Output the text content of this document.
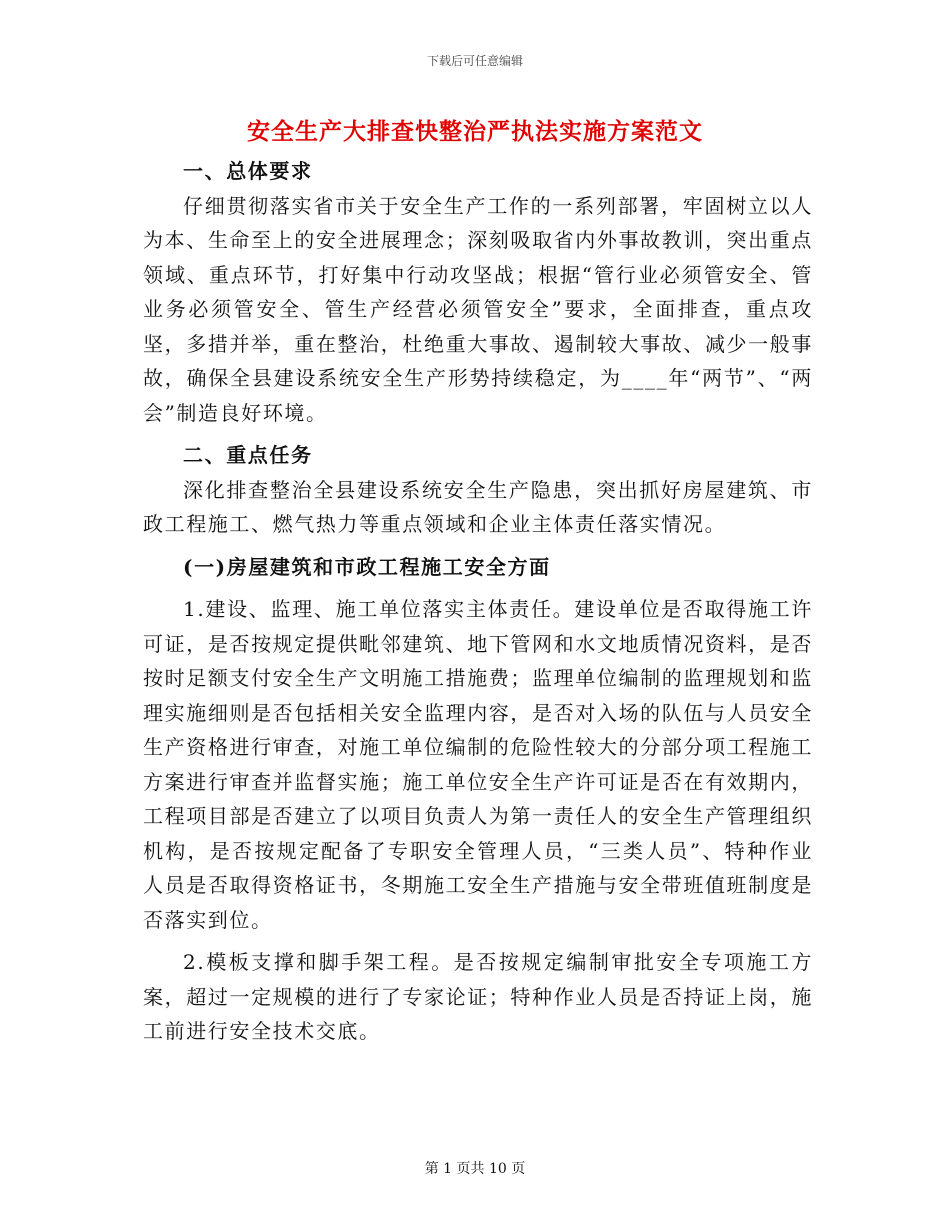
下载后可任意编辑
安全生产大排查快整治严执法实施方案范文
一、总体要求

仔细贯彻落实省市关于安全生产工作的一系列部署，牢固树立以人为本、生命至上的安全进展理念；深刻吸取省内外事故教训，突出重点领域、重点环节，打好集中行动攻坚战；根据“管行业必须管安全、管业务必须管安全、管生产经营必须管安全”要求，全面排查，重点攻坚，多措并举，重在整治，杜绝重大事故、遏制较大事故、减少一般事故，确保全县建设系统安全生产形势持续稳定，为____年“两节”、“两会”制造良好环境。

二、重点任务

深化排查整治全县建设系统安全生产隐患，突出抓好房屋建筑、市政工程施工、燃气热力等重点领域和企业主体责任落实情况。

(一)房屋建筑和市政工程施工安全方面

1.建设、监理、施工单位落实主体责任。建设单位是否取得施工许可证，是否按规定提供毗邻建筑、地下管网和水文地质情况资料，是否按时足额支付安全生产文明施工措施费；监理单位编制的监理规划和监理实施细则是否包括相关安全监理内容，是否对入场的队伍与人员安全生产资格进行审查，对施工单位编制的危险性较大的分部分项工程施工方案进行审查并监督实施；施工单位安全生产许可证是否在有效期内，工程项目部是否建立了以项目负责人为第一责任人的安全生产管理组织机构，是否按规定配备了专职安全管理人员，“三类人员”、特种作业人员是否取得资格证书，冬期施工安全生产措施与安全带班值班制度是否落实到位。

2.模板支撑和脚手架工程。是否按规定编制审批安全专项施工方案，超过一定规模的进行了专家论证；特种作业人员是否持证上岗，施工前进行安全技术交底。

第 1 页共 10 页
